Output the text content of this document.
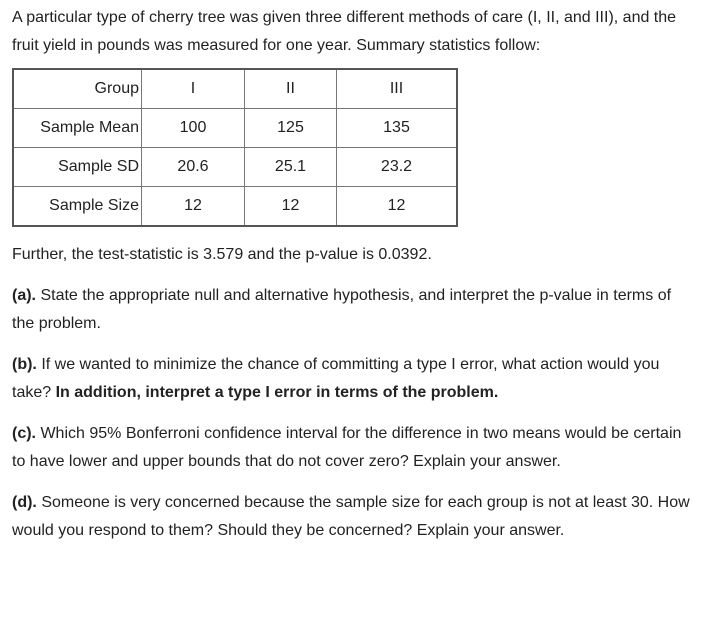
A particular type of cherry tree was given three different methods of care (I, II, and III), and the fruit yield in pounds was measured for one year. Summary statistics follow:

Group	I	II	III
Sample Mean	100	125	135
Sample SD	20.6	25.1	23.2
Sample Size	12	12	12

Further, the test-statistic is 3.579 and the p-value is 0.0392.

(a). State the appropriate null and alternative hypothesis, and interpret the p-value in terms of the problem.

(b). If we wanted to minimize the chance of committing a type I error, what action would you take? In addition, interpret a type I error in terms of the problem.

(c). Which 95% Bonferroni confidence interval for the difference in two means would be certain to have lower and upper bounds that do not cover zero? Explain your answer.

(d). Someone is very concerned because the sample size for each group is not at least 30. How would you respond to them? Should they be concerned? Explain your answer.
